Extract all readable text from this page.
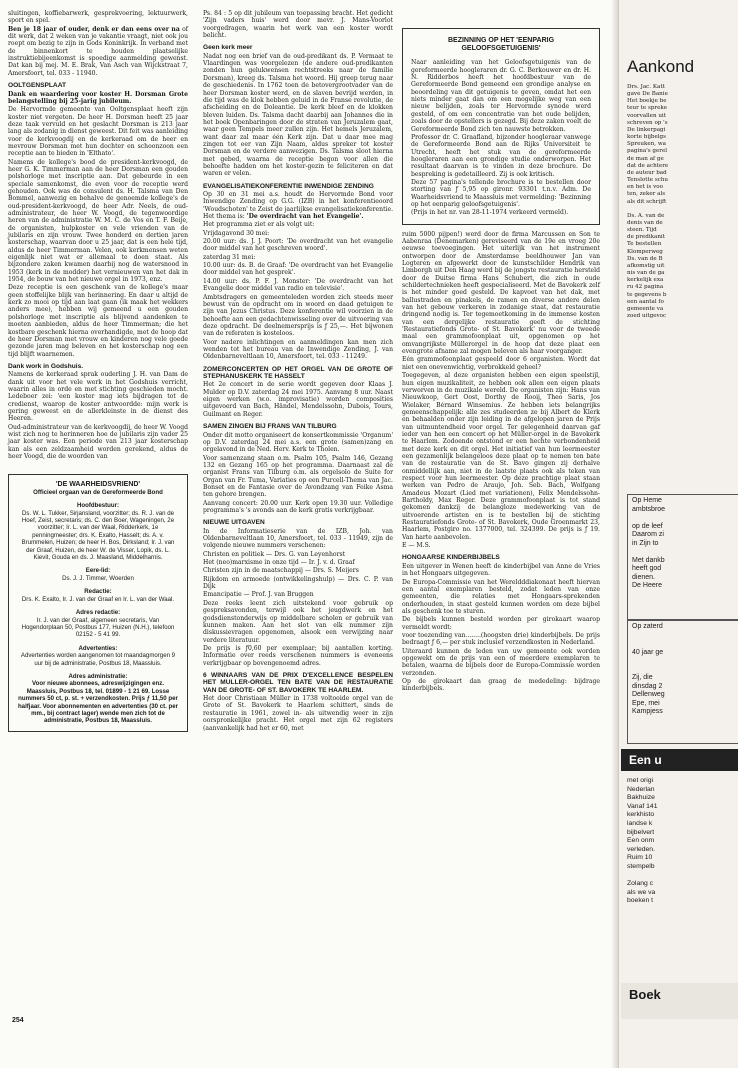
sluitingen, koffiebarwerk, gesprekvoering, lektuurwerk, sport en spel.

Ben je 18 jaar of ouder, denk er dan eens over na of dit werk, dat 2 weken van je vakantie vraagt, niet ook jou roept om bezig te zijn in Gods Koninkrijk. In verband met de binnenkort te houden plaatselijke instruktiebijeenkomst is spoedige aanmelding gewenst. Dat kan bij mej. M. E. Brak, Van Asch van Wijckstraat 7, Amersfoort, tel. 033 - 11940.

OOLTGENSPLAAT

Dank en waardering voor koster H. Dorsman Grote belangstelling bij 25-jarig jubileum.

De Hervormde gemeente van Ooltgensplaat heeft zijn koster niet vergeten. De heer H. Dorsman heeft 25 jaar deze taak vervuld en het geslacht Dorsman is 213 jaar lang als zodanig in dienst geweest. Dit feit was aanleiding voor de kerkvoogdij en de kerkeraad om de heer en mevrouw Dorsman met hun dochter en schoonzoon een receptie aan te bieden in 'Elthato'.

Namens de kollege's bood de president-kerkvoogd, de heer G. K. Timmerman aan de heer Dorsman een gouden polshorloge met inscriptie aan. Dat gebeurde in een speciale samenkomst, die even voor de receptie werd gehouden. Ook was de consulent ds. H. Talsma van Den Bommel, aanwezig en behalve de genoemde kollege's de oud-president-kerkvoogd, de heer Adr. Neels, de oud-administrateur, de heer W. Voogd, de tegenwoordige heren van de administratie W. M. C. de Vos en T. F. Beije, de organisten, hulpkoster en vele vrienden van de jubilaris en zijn vrouw. Twee honderd en dertien jaren kosterschap, waarvan door u 25 jaar, dat is een hele tijd, aldus de heer Timmerman. Velen, ook kerkmensen weten eigenlijk niet wat er allemaal te doen staat. Als bijzondere zaken kwamen daarbij nog de watersnood in 1953 (kerk in de modder) het vernieuwen van het dak in 1954, de bouw van het nieuwe orgel in 1973, enz.

Deze receptie is een geschenk van de kollege's maar geen stoffelijke blijk van herinnering. En daar u altijd de kerk zo mooi op tijd aan laat gaan (ik maak het wekkers anders mee), hebben wij gemeend u een gouden polshorloge met inscriptie als blijvend aandenken te moeten aanbieden, aldus de heer Timmerman; die het kostbare geschenk hierna overhandigde, met de hoop dat de heer Dorsman met vrouw en kinderen nog vele goede gezonde jaren mag beleven en het kosterschap nog een tijd blijft waarnemen.

Dank work in Godshuis.

Namens de kerkeraad sprak ouderling J. H. van Dam de dank uit voor het vele werk in het Godshuis verricht, waarin alles in orde en met stichting geschieden mocht. Ledeboer zei: 'een koster mag iets bijdragen tot de credienst, waarop de koster antwoordde: mijn werk is gering geweest en de allerkleinste in de dienst des Heeren.

Oud-administrateur van de kerkvoogdij, de heer W. Voogd wist zich nog te herinneren hoe de jubilaris zijn vader 25 jaar koster was. Een periode van 213 jaar kosterschap kan als een zeldzaamheid worden gerekend, aldus de heer Voogd, die de woorden van

'DE WAARHEIDSVRIEND'

Officieel orgaan van de Gereformeerde Bond

Hoofdbestuur:

Ds. W. L. Tukker, Sirjansland, voorzitter; ds. R. J. van de Hoef, Zeist, secretaris; ds. C. den Boer, Wageningen, 2e voorzitter; Ir. L. van der Waal, Ridderkerk, 1e penningmeester; drs. K. Exalto, Hasselt; ds. A. v. Brummelen, Huizen; de heer H. Bos, Dirksland; Ir. J. van der Graaf, Huizen, de heer W. de Visser, Lopik, ds. L. Kievit, Gouda en ds. J. Maasland, Middelharnis.

Eere-lid:

Ds. J. J. Timmer, Woerden

Redactie:

Drs. K. Exalto, Ir. J. van der Graaf en Ir. L. van der Waal.

Adres redactie:

Ir. J. van der Graaf, algemeen secretaris, Van Hogendorplaan 50, Postbus 177, Huizen (N.H.), telefoon 02152 - 5 41 99.

Advertenties:

Advertenties worden aangenomen tot maandagmorgen 9 uur bij de administratie, Postbus 18, Maassluis.

Adres administratie:

Voor nieuwe abonnees, adreswijzigingen enz. Maassluis, Postbus 18, tel. 01899 - 1 21 69. Losse nummers 50 ct, p. st. + verzendkosten. Prijs ƒ 11,50 per halfjaar. Voor abonnementen en advertenties (30 ct. per mm., bij contract lager) wende men zich tot de administratie, Postbus 18, Maassluis.

254

Ps. 84 : 5 op dit jubileum van toepassing bracht. Het gedicht 'Zijn vaders huis' werd door mevr. J. Mans-Voorlot voorgedragen, waarin het werk van een koster wordt belicht.

Geen kerk meer

Nadat nog een brief van de oud-predikant ds. P. Vermaat te Vlaardingen was voorgelezen (de andere oud-predikanten zonden hun gelukwensen rechtstreeks naar de familie Dorsman), kreeg ds. Talsma het woord. Hij greep terug naar de geschiedenis. In 1762 toen de betovergrootvader van de heer Dorsman koster werd, en de slaven bevrijd werden, in die tijd was de klok hebben geluid in de Franse revolutie, de afscheiding en de Doleantie. De kerk bleef en de klokken bleven luiden. Ds. Talsma dacht daarbij aan Johannes die in het boek Openbaringen door de straten van Jeruzalem gaat, waar geen Tempels meer zullen zijn. Het hemels Jeruzalem, want daar zal maar één Kerk zijn. Dat u daar mee mag zingen tot eer van Zijn Naam, aldus spreker tot koster Dorsman en de verdere aanwezigen. Ds. Talsma sloot hierna met gebed, waarna de receptie begon voor allen die behoefte hadden om het koster-gezin te feliciteren en dat waren er velen.

EVANGELISATIEKONFERENTIE INWENDIGE ZENDING

Op 30 en 31 mei a.s. houdt de Hervormde Bond voor Inwendige Zending op G.G. (IZB) in het konferentieoord 'Woudschoten' te Zeist de jaarlijkse evangelisatiekonferentie. Het thema is: 'De overdracht van het Evangelie'.

Het programma ziet er als volgt uit:

Vrijdagavond 30 mei:

20.00 uur: ds. J. J. Poort: 'De overdracht van het evangelie door middel van het geschreven woord'.

zaterdag 31 mei:

10.00 uur: ds. B. de Graaf: 'De overdracht van het Evangelie door middel van het gesprek'.

14.00 uur: ds. P. F. J. Monster: 'De overdracht van het Evangelie door middel van radio en televisie'.

Ambtsdragers en gemeenteleden worden zich steeds meer bewust van de opdracht om in woord en daad getuigen te zijn van Jezus Christus. Deze konferentie wil voorzien in de behoefte aan een gedachtenwisseling over de uitvoering van deze opdracht. De deelnemersprijs is ƒ 25,—. Het bijwonen van de referaten is kosteloos.

Voor nadere inlichtingen en aanmeldingen kan men zich wenden tot het bureau van de Inwendige Zending, J. van Oldenbarneveltlaan 10, Amersfoort, tel. 033 - 11249.

ZOMERCONCERTEN OP HET ORGEL VAN DE GROTE OF STEPHANUSKERK TE HASSELT

Het 2e concert in de serie wordt gegeven door Klaas J. Mulder op D.V. zaterdag 24 mei 1975. Aanvang 8 uur. Naast eigen werken (w.o. improvisatie) worden composities uitgevoerd van Bach, Händel, Mendelssohn, Dubois, Tours, Guilmant en Reger.

SAMEN ZINGEN BIJ FRANS VAN TILBURG

Onder dit motto organiseert de konsertkommissie 'Organum' op D.V. zaterdag 24 mei a.s. een grote (samen)zang en orgelavond in de Ned. Herv. Kerk te Tholen.

Voor samenzang staan o.m. Psalm 105, Psalm 146, Gezang 132 en Gezang 165 op het programma. Daarnaast zal de organist Frans van Tilburg o.m. als orgelsolo de Suite for Organ van Fr. Tuma, Variaties op een Purcell-Thema van Jac. Bonset en de Fantasie over de Avondzang van Feike Asma ten gehore brengen.

Aanvang concert: 20.00 uur. Kerk open 19.30 uur. Volledige programma's 's avonds aan de kerk gratis verkrijgbaar.

NIEUWE UITGAVEN

In de Informatieserie van de IZB, Joh. van Oldenbarneveltlaan 10, Amersfoort, tel. 033 - 11949, zijn de volgende nieuwe nummers verschenen:

Christen en politiek — Drs. G. van Leyenhorst

Het (neo)marxisme in onze tijd — Ir. J. v. d. Graaf

Christen zijn in de maatschappij — Drs. S. Meijers

Rijkdom en armoede (ontwikkelingshulp) — Drs. C. P. van Dijk

Emancipatie — Prof. J. van Bruggen

Deze reeks leent zich uitstekend voor gebruik op gespreksavonden, terwijl ook het jeugdwerk en het godsdienstonderwijs op middelbare scholen er gebruik van kunnen maken. Aan het slot van elk nummer zijn diskussievragen opgenomen, alsook een verwijzing naar verdere literatuur.

De prijs is ƒ0,60 per exemplaar; bij aantallen korting. Informatie over reeds verschenen nummers is eveneens verkrijgbaar op bovengenoemd adres.

6 WINNAARS VAN DE PRIX D'EXCELLENCE BESPELEN HET MULLER-ORGEL TEN BATE VAN DE RESTAURATIE VAN DE GROTE- OF ST. BAVOKERK TE HAARLEM.

Het door Christiaan Müller in 1738 voltooide orgel van de Grote of St. Bavokerk te Haarlem schittert, sinds de restauratie in 1961, zowel in- als uitwendig weer in zijn oorspronkelijke pracht. Het orgel met zijn 62 registers (aanvankelijk had het er 60, met

BEZINNING OP HET 'EENPARIG GELOOFSGETUIGENIS'

Naar aanleiding van het Geloofsgetuigenis van de gereformeerde hoogleraren dr. G. C. Berkouwer en dr. H. N. Ridderbos heeft het hoofdbestuur van de Gereformeerde Bond gemeend een grondige analyse en beoordeling van dit getuigenis te geven, omdat het een niets minder gaat dan om een mogelijke weg van een nieuw belijden, zoals ter Hervormde synode werd gesteld, of om een concentratie van het oude belijden, zoals door de opstellers is gezegd. Bij deze zaken voelt de Gereformeerde Bond zich ten nauwste betrokken.

Professor dr. C. Graafland, bijzonder hoogleraar vanwege de Gereformeerde Bond aan de Rijks Universiteit te Utrecht, heeft het stuk van de gereformeerde hoogleraren aan een grondige studie onderworpen. Het resultaat daarvan is te vinden in deze brochure. De bespreking is gedetailleerd. Zij is ook kritisch.

Deze 57 pagina's tellende brochure is te bestellen door storting van ƒ 5,95 op gironr. 93301 t.n.v. Adm. De Waarheidsvriend te Maassluis met vermelding: 'Bezinning op het eenparig geloofsgetuigenis'.

(Prijs in het nr. van 28-11-1974 verkeerd vermeld).

ruim 5000 pijpen!) werd door de firma Marcussen en Son te Aabenraa (Denemarken) gereviseerd van de 19e en vroeg 20e eeuwse toevoegingen. Het uiterlijk van het instrument ontworpen door de Amsterdamse beeldhouwer Jan van Logteren en afgewerkt door de kunstschilder Hendrik van Limborgh uit Den Haag werd bij de jongste restauratie hersteld door de Duitse firma Hans Schubert, die zich in oude schildertechnieken heeft gespecialiseerd. Met de Bavokerk zelf is het minder goed gesteld. De kapvoet van het dak, met ballustraden en pinakels, de ramen en diverse andere delen van het gebouw verkeren in zodanige staat, dat restauratie dringend nodig is. Ter tegemoetkoming in de immense kosten van een dergelijke restauratie geeft de stichting 'Restauratiefonds Grote- of St. Bavokerk' nu voor de tweede maal een grammofoonplaat uit, opgenomen op het omvangrijkste Müllerorgel in de hoop dat deze plaat een evengrote afname zal mogen beleven als haar voorganger.

Eén grammofoonplaat gespeeld door 6 organisten. Wordt dat niet een onevenwichtig, verbrokkeld geheel?

Toegegeven, al deze organisten hebben een eigen speelstijl, hun eigen muzikaliteit, ze hebben ook allen een eigen plaats verworven in de muzikale wereld. De organisten zijn: Hans van Nieuwkoop, Gert Oost, Dorthy de Rooij, Theo Saris, Jos Wielaker, Bérnard Winsemius. Ze hebben iets belangrijks gemeenschappelijk: alle zes studeerden ze bij Albert de Klerk en behaalden onder zijn leiding in de afgelopen jaren de Prijs van uitmuntendheid voor orgel. Ter gelegenheid daarvan gaf ieder van hen een concert op het Müller-orgel in de Bavokerk te Haarlem. Zodoende ontstond er een hechte verbondenheid met deze kerk en dit orgel. Het initiatief van hun leermeester een gezamenlijk belangeloos deze plaat op te nemen ten bate van de restauratie van de St. Bavo gingen zij derhalve onmiddellijk aan, niet in de laatste plaats ook als teken van respect voor hun leermeester. Op deze prachtige plaat staan werken van Pedro de Araujo, Joh. Seb. Bach, Wolfgang Amadeus Mozart (Lied met variationen), Felix Mendelssohn-Bartholdy, Max Reger. Deze grammofoonplaat is tot stand gekomen dankzij de belangloze medewerking van de uitvoerende artisten en is te bestellen bij de stichting Restauratiefonds Grote- of St. Bavokerk, Oude Groenmarkt 23, Haarlem, Postgiro no. 1377000, tel. 324399. De prijs is ƒ 19. Van harte aanbevolen.

E — M.S.

HONGAARSE KINDERBIJBELS

Een uitgever in Wenen heeft de kinderbijbel van Anne de Vries in het Hongaars uitgegeven.

De Europa-Commissie van het Wereldddiakonaat heeft hiervan een aantal exemplaren besteld, zodat leden van onze gemeenten, die relaties met Hongaars-sprekenden onderhouden, in staat gesteld kunnen worden om deze bijbel als geschenk toe te sturen.

De bijbels kunnen besteld worden per girokaart waarop vermeldt wordt:

voor toezending van........(hoogsten drie) kinderbijbels. De prijs bedraagt ƒ 6,— per stuk inclusief verzendkosten in Nederland.

Uiteraard kunnen de leden van uw gemeente ook worden opgewekt om de prijs van een of meerdere exemplaren te betalen, waarna de bijbels door de Europa-Commissie worden verzonden.

Op de girokaart dan graag de mededeling: bijdrage kinderbijbels.

Aankond
Drs. Jac. Katt
gave De Banie
Het boekje be
teur te spreke
voorvallen uit
schreven op 's
De linkerpagi
korte bijbelgs
Spreuken, wa
pagina's gerel
de man af ge
dat de achtere
de auteur bad
Tenslotte schu
en het is voo
ten, zeker als
als dit schrijft

Ds. A. van de
denis van de
steen. Tijd
de predikanit
Te bestellen
Klomperweg
Ds. van de B
afkomstig uit
nis van de ga
kerkelijk exa
ru 42 pagina
te gegevens b
een aantal fo
gemeente va
zoed uitgevoc
Op Heme
ambtsbroe

op de leef
Daarom zi
in Zijn to

Met dankb
heeft god
dienen.
De Heere
Op zaterd

40 jaar ge

Zij, die
dinsdag 2
Dellenweg
Epe, mei
Kampjess
Een u
met origi
Nederlan
Bakhuize
Vanaf 141
kerkhisto
landse k
bijbelvert
Een onm
verleden.
Ruim 10
stempelb

Zolang c
als we va
boeken t
Boek
